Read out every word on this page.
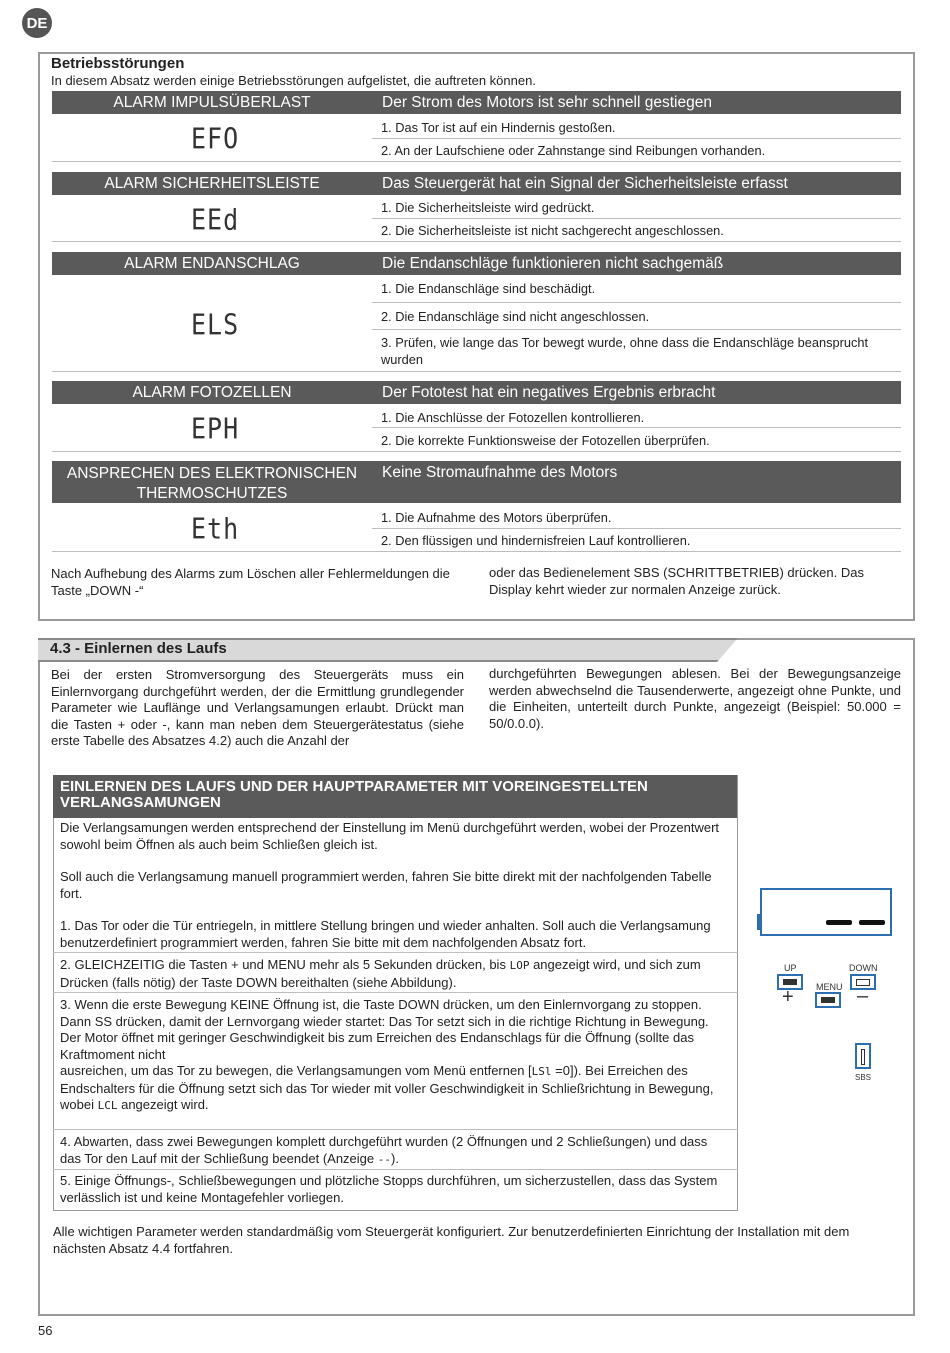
DE
Betriebsstörungen
In diesem Absatz werden einige Betriebsstörungen aufgelistet, die auftreten können.
ALARM IMPULSÜBERLAST	Der Strom des Motors ist sehr schnell gestiegen
EFO	1. Das Tor ist auf ein Hindernis gestoßen.
2. An der Laufschiene oder Zahnstange sind Reibungen vorhanden.
ALARM SICHERHEITSLEISTE	Das Steuergerät hat ein Signal der Sicherheitsleiste erfasst
EEd	1. Die Sicherheitsleiste wird gedrückt.
2. Die Sicherheitsleiste ist nicht sachgerecht angeschlossen.
ALARM ENDANSCHLAG	Die Endanschläge funktionieren nicht sachgemäß
ELS
1. Die Endanschläge sind beschädigt.
2. Die Endanschläge sind nicht angeschlossen.
3. Prüfen, wie lange das Tor bewegt wurde, ohne dass die Endanschläge beansprucht wurden
ALARM FOTOZELLEN	Der Fototest hat ein negatives Ergebnis erbracht
EPH	1. Die Anschlüsse der Fotozellen kontrollieren.
2. Die korrekte Funktionsweise der Fotozellen überprüfen.
ANSPRECHEN DES ELEKTRONISCHEN THERMOSCHUTZES
Keine Stromaufnahme des Motors
Eth	1. Die Aufnahme des Motors überprüfen.
2. Den flüssigen und hindernisfreien Lauf kontrollieren.
Nach Aufhebung des Alarms zum Löschen aller Fehlermeldungen die Taste „DOWN -“
oder das Bedienelement SBS (SCHRITTBETRIEB) drücken. Das Display kehrt wieder zur normalen Anzeige zurück.
4.3 - Einlernen des Laufs
Bei der ersten Stromversorgung des Steuergeräts muss ein Einlernvorgang durchgeführt werden, der die Ermittlung grundlegender Parameter wie Lauflänge und Verlangsamungen erlaubt. Drückt man die Tasten + oder -, kann man neben dem Steuergerätestatus (siehe erste Tabelle des Absatzes 4.2) auch die Anzahl der
durchgeführten Bewegungen ablesen. Bei der Bewegungsanzeige werden abwechselnd die Tausenderwerte, angezeigt ohne Punkte, und die Einheiten, unterteilt durch Punkte, angezeigt (Beispiel: 50.000 = 50/0.0.0).
EINLERNEN DES LAUFS UND DER HAUPTPARAMETER MIT VOREINGESTELLTEN VERLANGSAMUNGEN
Die Verlangsamungen werden entsprechend der Einstellung im Menü durchgeführt werden, wobei der Prozentwert sowohl beim Öffnen als auch beim Schließen gleich ist.
Soll auch die Verlangsamung manuell programmiert werden, fahren Sie bitte direkt mit der nachfolgenden Tabelle fort.
1. Das Tor oder die Tür entriegeln, in mittlere Stellung bringen und wieder anhalten. Soll auch die Verlangsamung benutzerdefiniert programmiert werden, fahren Sie bitte mit dem nachfolgenden Absatz fort.
2. GLEICHZEITIG die Tasten + und MENU mehr als 5 Sekunden drücken, bis LOP angezeigt wird, und sich zum Drücken (falls nötig) der Taste DOWN bereithalten (siehe Abbildung).
3. Wenn die erste Bewegung KEINE Öffnung ist, die Taste DOWN drücken, um den Einlernvorgang zu stoppen.
Dann SS drücken, damit der Lernvorgang wieder startet: Das Tor setzt sich in die richtige Richtung in Bewegung. Der Motor öffnet mit geringer Geschwindigkeit bis zum Erreichen des Endanschlags für die Öffnung (sollte das Kraftmoment nicht
ausreichen, um das Tor zu bewegen, die Verlangsamungen vom Menü entfernen [LSl =0]). Bei Erreichen des Endschalters für die Öffnung setzt sich das Tor wieder mit voller Geschwindigkeit in Schließrichtung in Bewegung, wobei LCL angezeigt wird.
4. Abwarten, dass zwei Bewegungen komplett durchgeführt wurden (2 Öffnungen und 2 Schließungen) und dass das Tor den Lauf mit der Schließung beendet (Anzeige --).
5. Einige Öffnungs-, Schließbewegungen und plötzliche Stopps durchführen, um sicherzustellen, dass das System verlässlich ist und keine Montagefehler vorliegen.
Alle wichtigen Parameter werden standardmäßig vom Steuergerät konfiguriert. Zur benutzerdefinierten Einrichtung der Installation mit dem nächsten Absatz 4.4 fortfahren.
UP	DOWN
MENU
+	–
SBS
56
